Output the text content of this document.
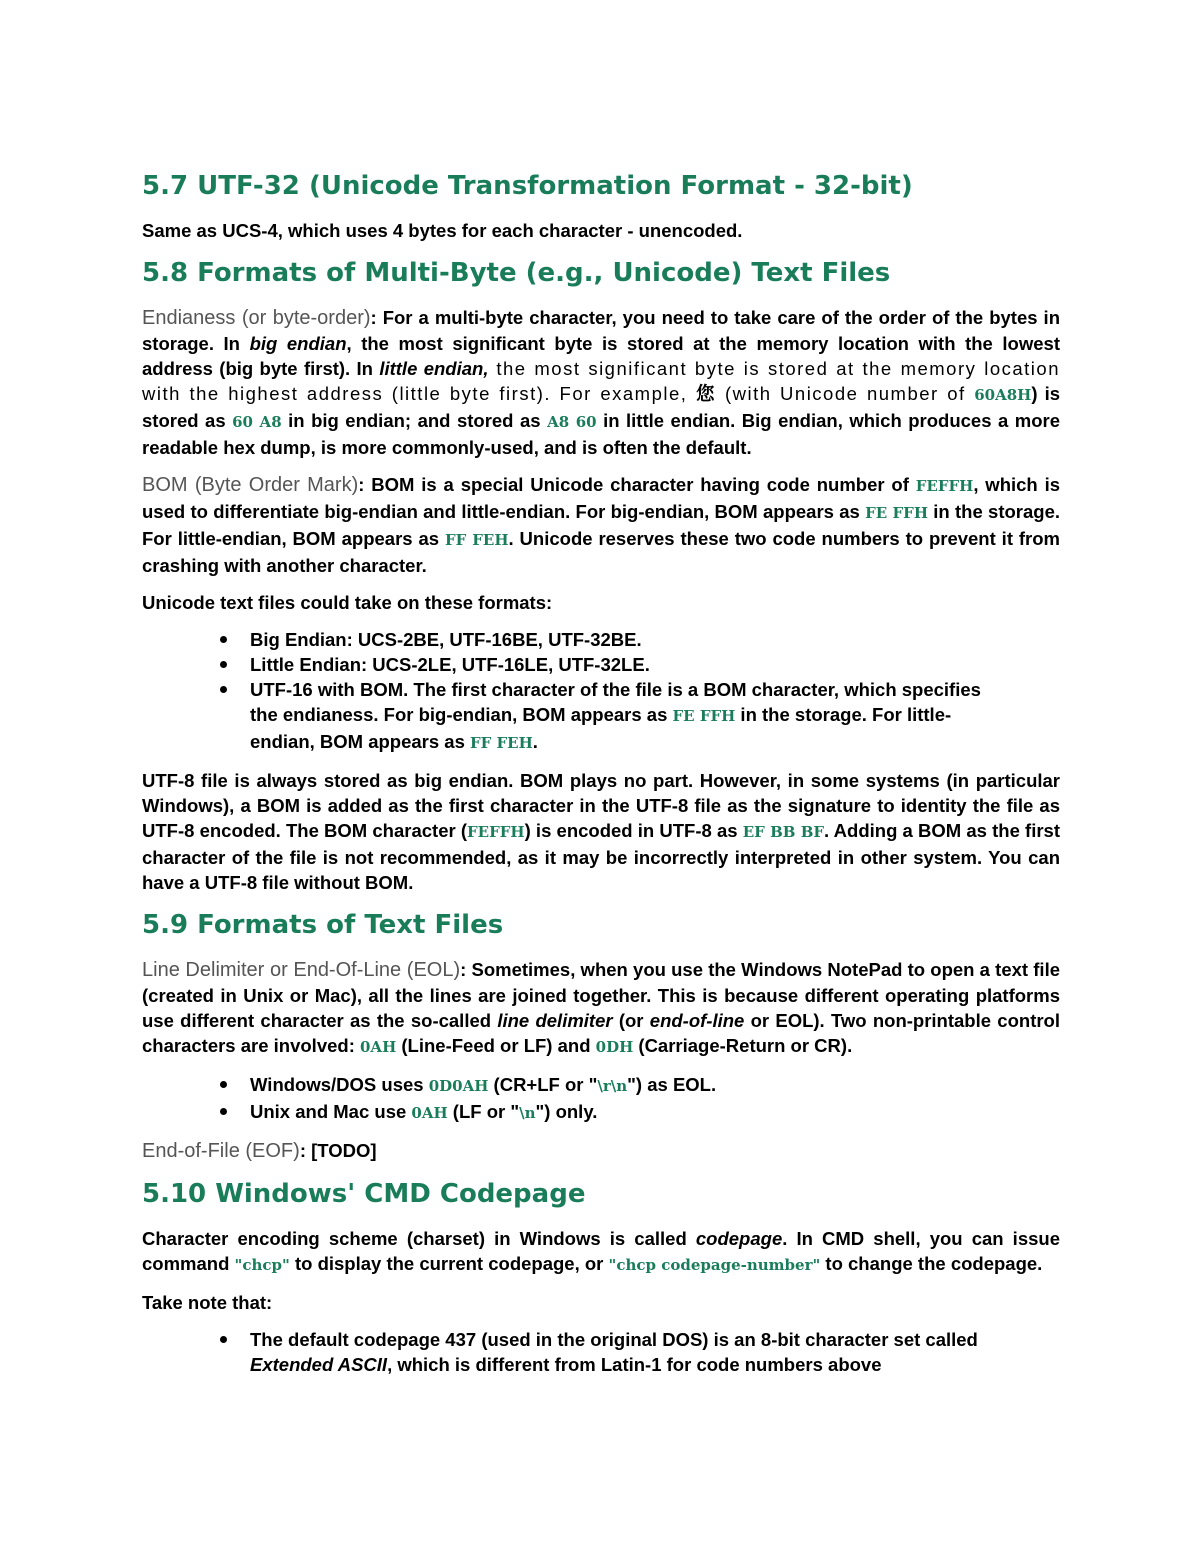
5.7 UTF-32 (Unicode Transformation Format - 32-bit)

Same as UCS-4, which uses 4 bytes for each character - unencoded.

5.8 Formats of Multi-Byte (e.g., Unicode) Text Files

Endianess (or byte-order): For a multi-byte character, you need to take care of the order of the bytes in storage. In big endian, the most significant byte is stored at the memory location with the lowest address (big byte first). In little endian, the most significant byte is stored at the memory location with the highest address (little byte first). For example, 您 (with Unicode number of 60A8H) is stored as 60 A8 in big endian; and stored as A8 60 in little endian. Big endian, which produces a more readable hex dump, is more commonly-used, and is often the default.

BOM (Byte Order Mark): BOM is a special Unicode character having code number of FEFFH, which is used to differentiate big-endian and little-endian. For big-endian, BOM appears as FE FFH in the storage. For little-endian, BOM appears as FF FEH. Unicode reserves these two code numbers to prevent it from crashing with another character.

Unicode text files could take on these formats:

Big Endian: UCS-2BE, UTF-16BE, UTF-32BE.
Little Endian: UCS-2LE, UTF-16LE, UTF-32LE.
UTF-16 with BOM. The first character of the file is a BOM character, which specifies the endianess. For big-endian, BOM appears as FE FFH in the storage. For little-endian, BOM appears as FF FEH.

UTF-8 file is always stored as big endian. BOM plays no part. However, in some systems (in particular Windows), a BOM is added as the first character in the UTF-8 file as the signature to identity the file as UTF-8 encoded. The BOM character (FEFFH) is encoded in UTF-8 as EF BB BF. Adding a BOM as the first character of the file is not recommended, as it may be incorrectly interpreted in other system. You can have a UTF-8 file without BOM.

5.9 Formats of Text Files

Line Delimiter or End-Of-Line (EOL): Sometimes, when you use the Windows NotePad to open a text file (created in Unix or Mac), all the lines are joined together. This is because different operating platforms use different character as the so-called line delimiter (or end-of-line or EOL). Two non-printable control characters are involved: 0AH (Line-Feed or LF) and 0DH (Carriage-Return or CR).

Windows/DOS uses 0D0AH (CR+LF or "\r\n") as EOL.
Unix and Mac use 0AH (LF or "\n") only.

End-of-File (EOF): [TODO]

5.10 Windows' CMD Codepage

Character encoding scheme (charset) in Windows is called codepage. In CMD shell, you can issue command "chcp" to display the current codepage, or "chcp codepage-number" to change the codepage.

Take note that:

The default codepage 437 (used in the original DOS) is an 8-bit character set called Extended ASCII, which is different from Latin-1 for code numbers above
